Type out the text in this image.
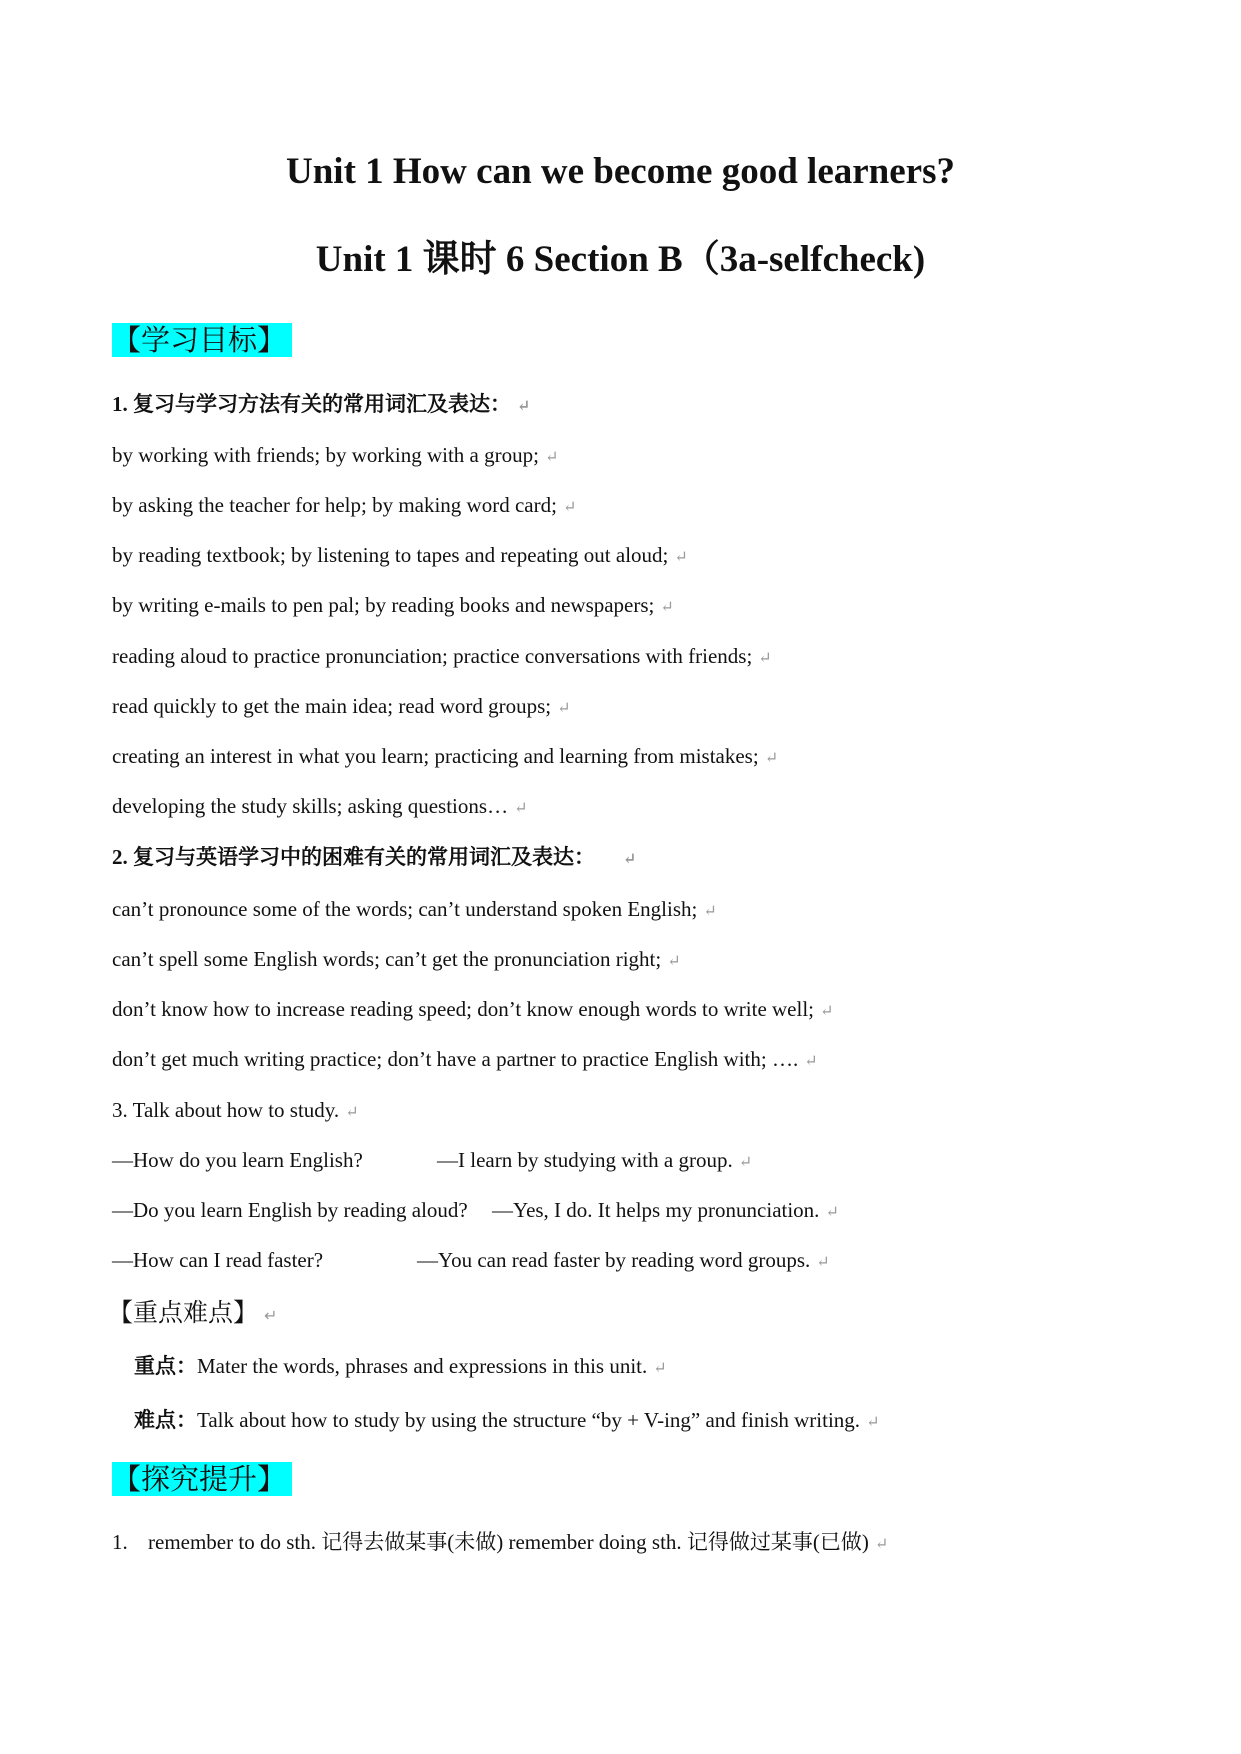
Unit 1 How can we become good learners?
Unit 1 课时 6 Section B（3a-selfcheck)
【学习目标】
1. 复习与学习方法有关的常用词汇及表达： ↵
by working with friends; by working with a group; ↵
by asking the teacher for help; by making word card; ↵
by reading textbook; by listening to tapes and repeating out aloud; ↵
by writing e-mails to pen pal; by reading books and newspapers; ↵
reading aloud to practice pronunciation; practice conversations with friends; ↵
read quickly to get the main idea; read word groups; ↵
creating an interest in what you learn; practicing and learning from mistakes; ↵
developing the study skills; asking questions… ↵
2. 复习与英语学习中的困难有关的常用词汇及表达： ↵
can’t pronounce some of the words; can’t understand spoken English; ↵
can’t spell some English words; can’t get the pronunciation right; ↵
don’t know how to increase reading speed; don’t know enough words to write well; ↵
don’t get much writing practice; don’t have a partner to practice English with; …. ↵
3. Talk about how to study. ↵
—How do you learn English?	—I learn by studying with a group. ↵
—Do you learn English by reading aloud? —Yes, I do. It helps my pronunciation. ↵
—How can I read faster?	—You can read faster by reading word groups. ↵
【重点难点】 ↵
重点：Mater the words, phrases and expressions in this unit. ↵
难点：Talk about how to study by using the structure “by + V-ing” and finish writing. ↵
【探究提升】
1. remember to do sth. 记得去做某事(未做) remember doing sth. 记得做过某事(已做) ↵
